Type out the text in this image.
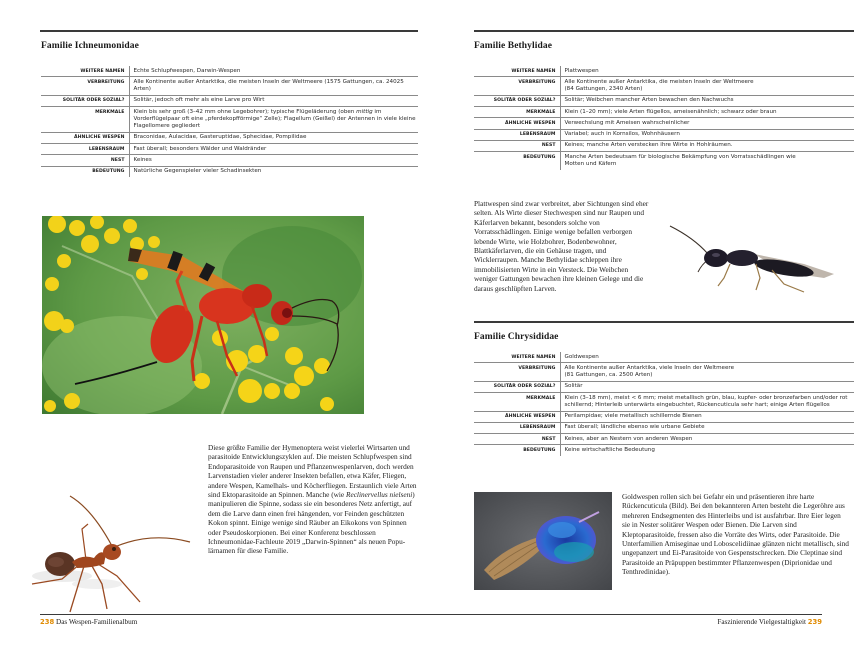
Familie Ichneumonidae
WEITERE NAMEN	Echte Schlupfwespen, Darwin-Wespen
VERBREITUNG	Alle Kontinente außer Antarktika, die meisten Inseln der Weltmeere (1575 Gattungen, ca. 24025 Arten)
SOLITÄR ODER SOZIAL?	Solitär, jedoch oft mehr als eine Larve pro Wirt
MERKMALE	Klein bis sehr groß (3–42 mm ohne Legebohrer); typische Flügeläderung (oben mittig im Vorderflügelpaar oft eine „pferdekopfförmige“ Zelle); Flagellum (Geißel) der Antennen in viele kleine Flagellomere gegliedert
ÄHNLICHE WESPEN	Braconidae, Aulacidae, Gasteruptidae, Sphecidae, Pompilidae
LEBENSRAUM	Fast überall; besonders Wälder und Waldränder
NEST	Keines
BEDEUTUNG	Natürliche Gegenspieler vieler Schadinsekten
Diese größte Familie der Hymenoptera weist vielerlei Wirtsarten und parasitoide Entwicklungszyklen auf. Die meisten Schlupfwespen sind Endoparasitoide von Raupen und Pflanzenwespenlarven, doch werden Larvenstadien vieler anderer Insekten befallen, etwa Käfer, Fliegen, andere Wespen, Kamelhals- und Köcherfliegen. Erstaunlich viele Arten sind Ektoparasitoide an Spinnen. Manche (wie Reclinervellus nielseni) manipulieren die Spinne, sodass sie ein besonderes Netz anfertigt, auf dem die Larve dann einen frei hängenden, vor Feinden geschützten Kokon spinnt. Einige wenige sind Räuber an Eikokons von Spinnen oder Pseudoskorpionen. Bei einer Konferenz beschlossen Ichneumonidae-Fachleute 2019 „Darwin-Spinnen“ als neuen Populärnamen für diese Familie.
238 Das Wespen-Familienalbum
Familie Bethylidae
WEITERE NAMEN	Plattwespen
VERBREITUNG	Alle Kontinente außer Antarktika, die meisten Inseln der Weltmeere (84 Gattungen, 2340 Arten)
SOLITÄR ODER SOZIAL?	Solitär; Weibchen mancher Arten bewachen den Nachwuchs
MERKMALE	Klein (1–20 mm); viele Arten flügellos, ameisenähnlich; schwarz oder braun
ÄHNLICHE WESPEN	Verwechslung mit Ameisen wahrscheinlicher
LEBENSRAUM	Variabel; auch in Kornsilos, Wohnhäusern
NEST	Keines; manche Arten verstecken ihre Wirte in Hohlräumen.
BEDEUTUNG	Manche Arten bedeutsam für biologische Bekämpfung von Vorratsschädlingen wie Motten und Käfern
Plattwespen sind zwar verbreitet, aber Sichtungen sind eher selten. Als Wirte dieser Stechwespen sind nur Raupen und Käferlarven bekannt, besonders solche von Vorratsschädlingen. Einige wenige befallen verborgen lebende Wirte, wie Holzbohrer, Bodenbewohner, Blattkäferlarven, die ein Gehäuse tragen, und Wicklerraupen. Manche Bethylidae schleppen ihre immobilisierten Wirte in ein Versteck. Die Weibchen weniger Gattungen bewachen ihre kleinen Gelege und die daraus geschlüpften Larven.
Familie Chrysididae
WEITERE NAMEN	Goldwespen
VERBREITUNG	Alle Kontinente außer Antarktika, viele Inseln der Weltmeere (81 Gattungen, ca. 2500 Arten)
SOLITÄR ODER SOZIAL?	Solitär
MERKMALE	Klein (3–18 mm), meist < 6 mm; meist metallisch grün, blau, kupfer- oder bronzefarben und/oder rot schillernd; Hinterleib unterwärts eingebuchtet, Rückencuticula sehr hart; einige Arten flügellos
ÄHNLICHE WESPEN	Perilampidae; viele metallisch schillernde Bienen
LEBENSRAUM	Fast überall; ländliche ebenso wie urbane Gebiete
NEST	Keines, aber an Nestern von anderen Wespen
BEDEUTUNG	Keine wirtschaftliche Bedeutung
Goldwespen rollen sich bei Gefahr ein und präsentieren ihre harte Rückencuticula (Bild). Bei den bekannteren Arten besteht die Legeröhre aus mehreren Endsegmenten des Hinterleibs und ist ausfahrbar. Ihre Eier legen sie in Nester solitärer Wespen oder Bienen. Die Larven sind Kleptoparasitoide, fressen also die Vorräte des Wirts, oder Parasitoide. Die Unterfamilien Amiseginae und Loboscelidiinae glänzen nicht metallisch, sind ungepanzert und Ei-Parasitoide von Gespenstschrecken. Die Cleptinae sind Parasitoide an Präpuppen bestimmter Pflanzenwespen (Diprionidae und Tenthredinidae).
Faszinierende Vielgestaltigkeit 239
